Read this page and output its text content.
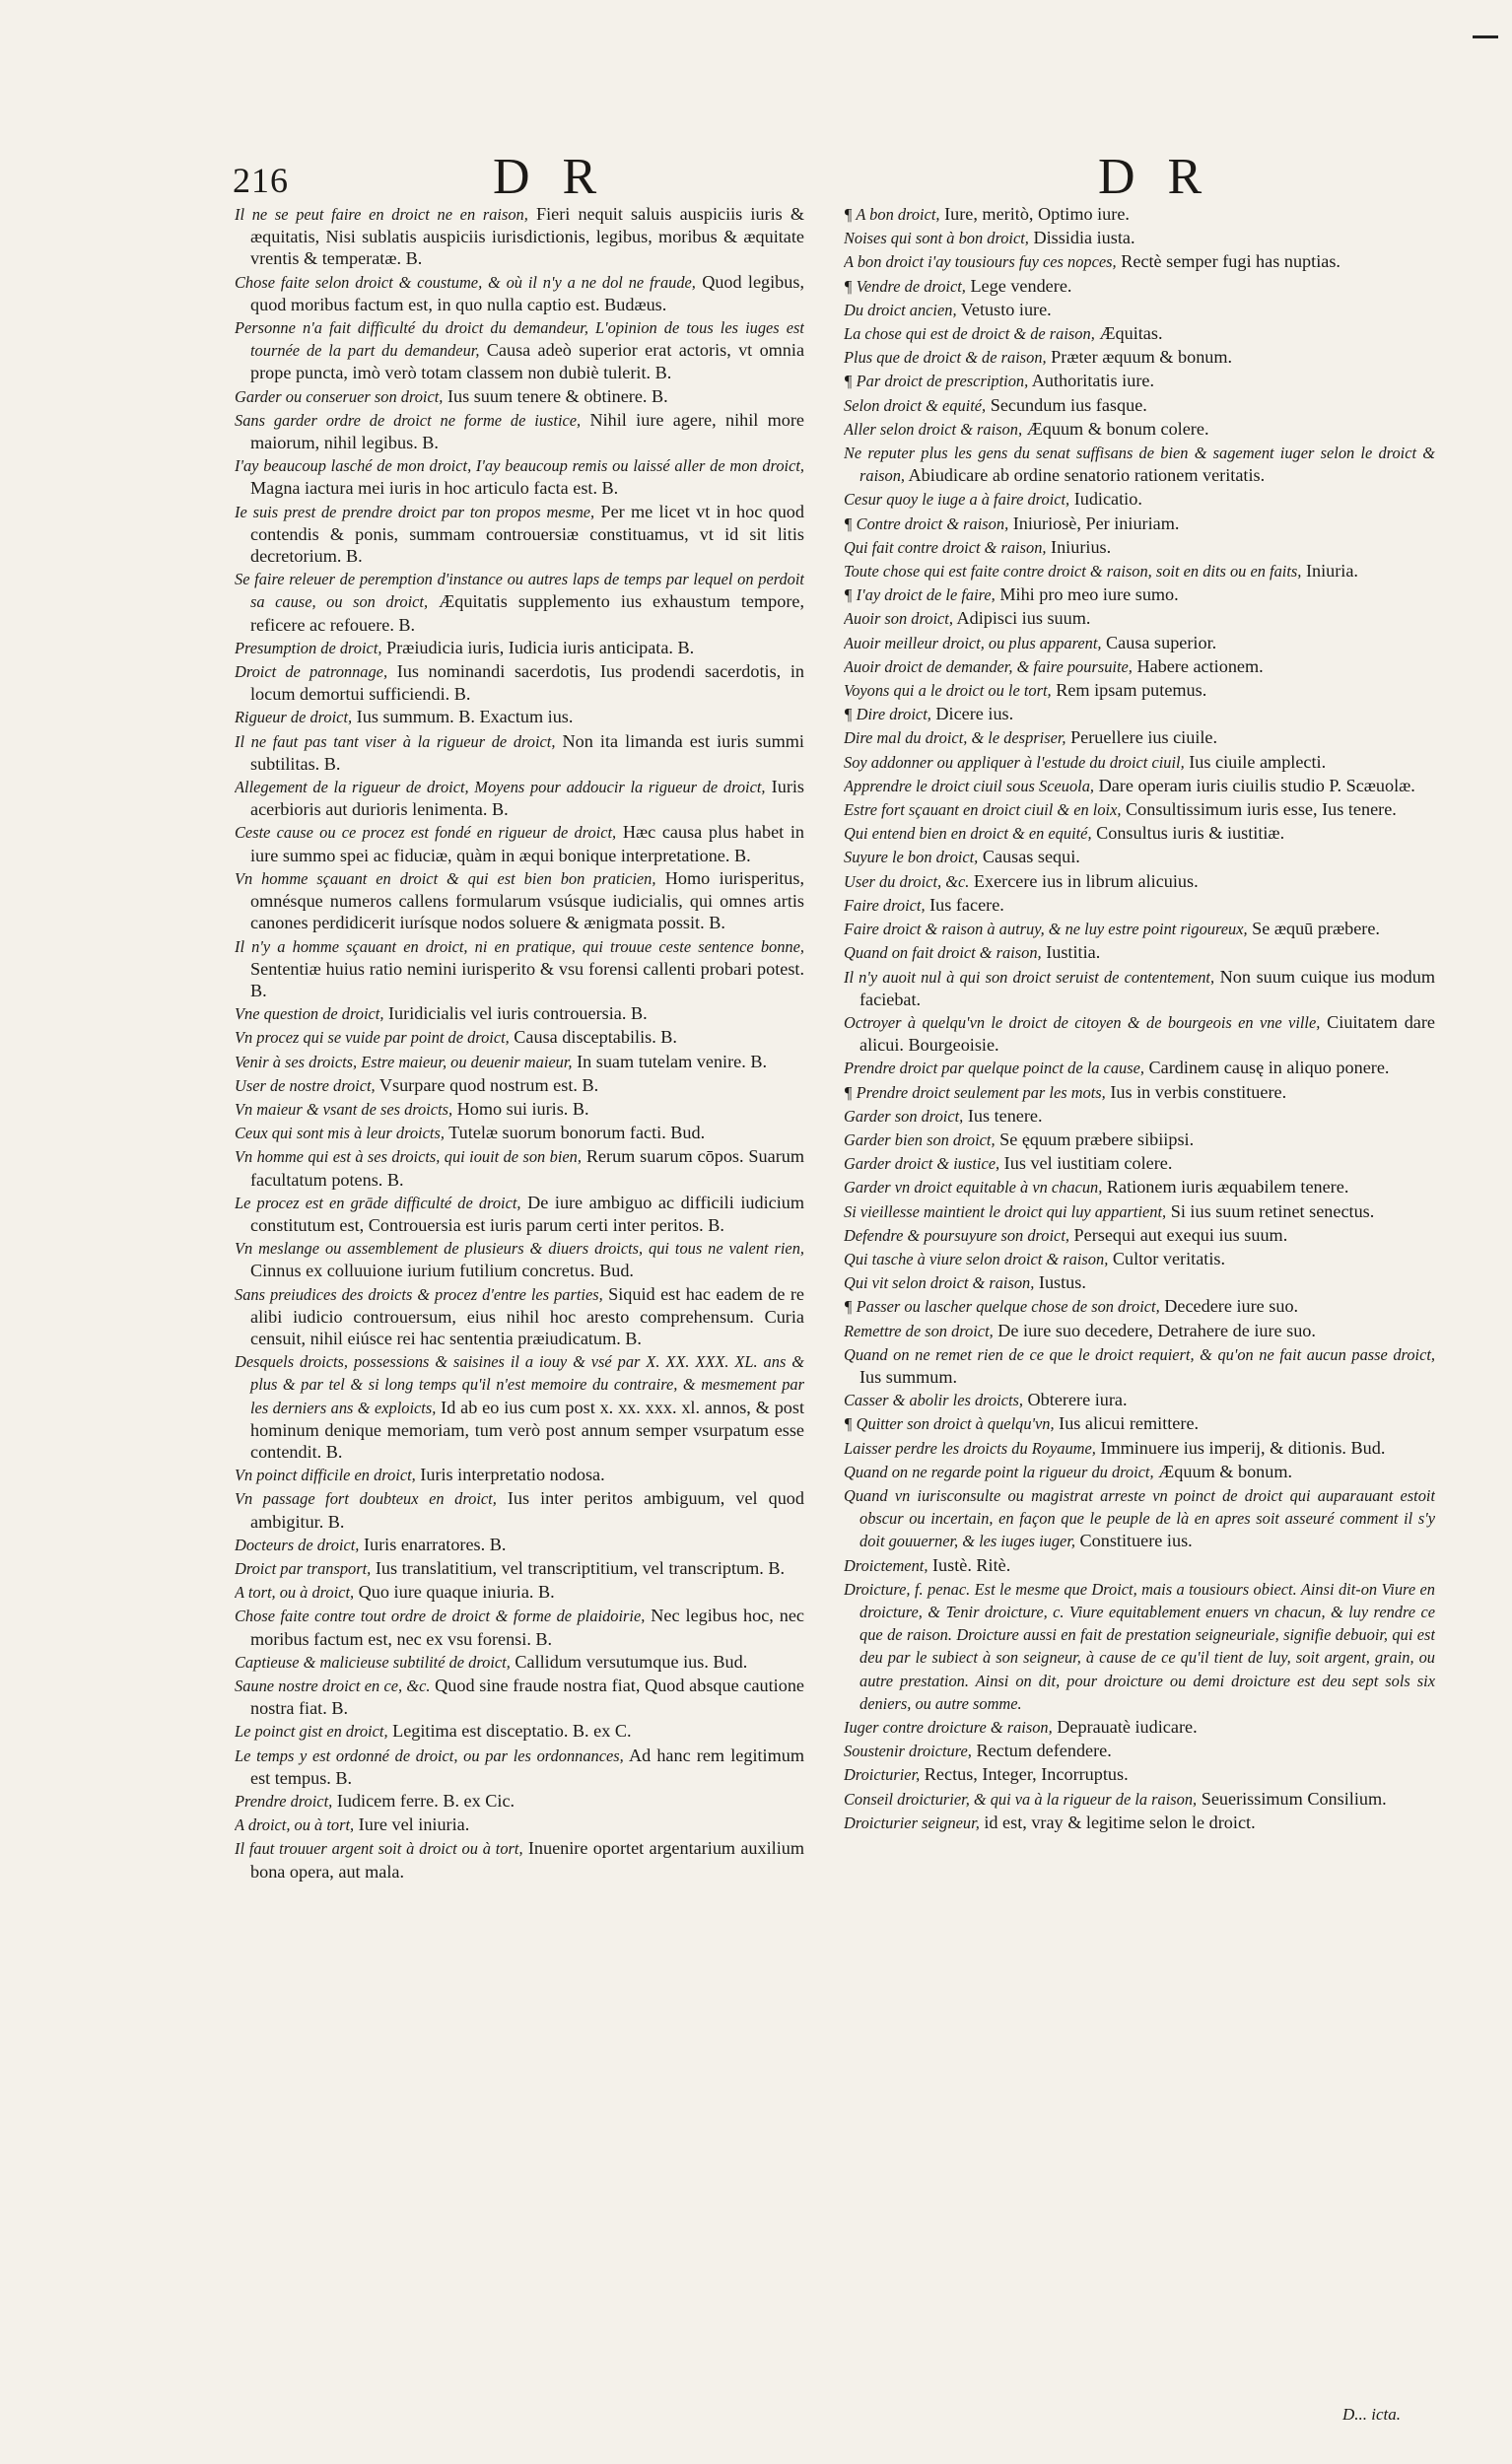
216	D R	D R

Il ne se peut faire en droict ne en raison, Fieri nequit saluis auspiciis iuris & æquitatis, Nisi sublatis auspiciis iurisdictionis, legibus, moribus & æquitate vrentis & temperatæ. B.

Chose faite selon droict & coustume, & où il n'y a ne dol ne fraude, Quod legibus, quod moribus factum est, in quo nulla captio est. Budæus.

Personne n'a fait difficulté du droict du demandeur, L'opinion de tous les iuges est tournée de la part du demandeur, Causa adeò superior erat actoris, vt omnia prope puncta, imò verò totam classem non dubiè tulerit. B.

Garder ou conseruer son droict, Ius suum tenere & obtinere. B.

Sans garder ordre de droict ne forme de iustice, Nihil iure agere, nihil more maiorum, nihil legibus. B.

I'ay beaucoup lasché de mon droict, I'ay beaucoup remis ou laissé aller de mon droict, Magna iactura mei iuris in hoc articulo facta est. B.

Ie suis prest de prendre droict par ton propos mesme, Per me licet vt in hoc quod contendis & ponis, summam controuersiæ constituamus, vt id sit litis decretorium. B.

Se faire releuer de peremption d'instance ou autres laps de temps par lequel on perdoit sa cause, ou son droict, Æquitatis supplemento ius exhaustum tempore, reficere ac refouere. B.

Presumption de droict, Præiudicia iuris, Iudicia iuris anticipata. B.

Droict de patronnage, Ius nominandi sacerdotis, Ius prodendi sacerdotis, in locum demortui sufficiendi. B.

Rigueur de droict, Ius summum. B. Exactum ius.

Il ne faut pas tant viser à la rigueur de droict, Non ita limanda est iuris summi subtilitas. B.

Allegement de la rigueur de droict, Moyens pour addoucir la rigueur de droict, Iuris acerbioris aut durioris lenimenta. B.

Ceste cause ou ce procez est fondé en rigueur de droict, Hæc causa plus habet in iure summo spei ac fiduciæ, quàm in æqui bonique interpretatione. B.

Vn homme sçauant en droict & qui est bien bon praticien, Homo iurisperitus, omnésque numeros callens formularum vsúsque iudicialis, qui omnes artis canones perdidicerit iurísque nodos soluere & ænigmata possit. B.

Il n'y a homme sçauant en droict, ni en pratique, qui trouue ceste sentence bonne, Sententiæ huius ratio nemini iurisperito & vsu forensi callenti probari potest. B.

Vne question de droict, Iuridicialis vel iuris controuersia. B.

Vn procez qui se vuide par point de droict, Causa disceptabilis. B.

Venir à ses droicts, Estre maieur, ou deuenir maieur, In suam tutelam venire. B.

User de nostre droict, Vsurpare quod nostrum est. B.

Vn maieur & vsant de ses droicts, Homo sui iuris. B.

Ceux qui sont mis à leur droicts, Tutelæ suorum bonorum facti. Bud.

Vn homme qui est à ses droicts, qui iouit de son bien, Rerum suarum cōpos. Suarum facultatum potens. B.

Le procez est en grāde difficulté de droict, De iure ambiguo ac difficili iudicium constitutum est, Controuersia est iuris parum certi inter peritos. B.

Vn meslange ou assemblement de plusieurs & diuers droicts, qui tous ne valent rien, Cinnus ex colluuione iurium futilium concretus. Bud.

Sans preiudices des droicts & procez d'entre les parties, Siquid est hac eadem de re alibi iudicio controuersum, eius nihil hoc aresto comprehensum. Curia censuit, nihil eiúsce rei hac sententia præiudicatum. B.

Desquels droicts, possessions & saisines il a iouy & vsé par X. XX. XXX. XL. ans & plus & par tel & si long temps qu'il n'est memoire du contraire, & mesmement par les derniers ans & exploicts, Id ab eo ius cum post x. xx. xxx. xl. annos, & post hominum denique memoriam, tum verò post annum semper vsurpatum esse contendit. B.

Vn poinct difficile en droict, Iuris interpretatio nodosa.

Vn passage fort doubteux en droict, Ius inter peritos ambiguum, vel quod ambigitur. B.

Docteurs de droict, Iuris enarratores. B.

Droict par transport, Ius translatitium, vel transcriptitium, vel transcriptum. B.

A tort, ou à droict, Quo iure quaque iniuria. B.

Chose faite contre tout ordre de droict & forme de plaidoirie, Nec legibus hoc, nec moribus factum est, nec ex vsu forensi. B.

Captieuse & malicieuse subtilité de droict, Callidum versutumque ius. Bud.

Saune nostre droict en ce, &c. Quod sine fraude nostra fiat, Quod absque cautione nostra fiat. B.

Le poinct gist en droict, Legitima est disceptatio. B. ex C.

Le temps y est ordonné de droict, ou par les ordonnances, Ad hanc rem legitimum est tempus. B.

Prendre droict, Iudicem ferre. B. ex Cic.

A droict, ou à tort, Iure vel iniuria.

Il faut trouuer argent soit à droict ou à tort, Inuenire oportet argentarium auxilium bona opera, aut mala.

¶ A bon droict, Iure, meritò, Optimo iure.

Noises qui sont à bon droict, Dissidia iusta.

A bon droict i'ay tousiours fuy ces nopces, Rectè semper fugi has nuptias.

¶ Vendre de droict, Lege vendere.

Du droict ancien, Vetusto iure.

La chose qui est de droict & de raison, Æquitas.

Plus que de droict & de raison, Præter æquum & bonum.

¶ Par droict de prescription, Authoritatis iure.

Selon droict & equité, Secundum ius fasque.

Aller selon droict & raison, Æquum & bonum colere.

Ne reputer plus les gens du senat suffisans de bien & sagement iuger selon le droict & raison, Abiudicare ab ordine senatorio rationem veritatis.

Cesur quoy le iuge a à faire droict, Iudicatio.

¶ Contre droict & raison, Iniuriosè, Per iniuriam.

Qui fait contre droict & raison, Iniurius.

Toute chose qui est faite contre droict & raison, soit en dits ou en faits, Iniuria.

¶ I'ay droict de le faire, Mihi pro meo iure sumo.

Auoir son droict, Adipisci ius suum.

Auoir meilleur droict, ou plus apparent, Causa superior.

Auoir droict de demander, & faire poursuite, Habere actionem.

Voyons qui a le droict ou le tort, Rem ipsam putemus.

¶ Dire droict, Dicere ius.

Dire mal du droict, & le despriser, Peruellere ius ciuile.

Soy addonner ou appliquer à l'estude du droict ciuil, Ius ciuile amplecti.

Apprendre le droict ciuil sous Sceuola, Dare operam iuris ciuilis studio P. Scæuolæ.

Estre fort sçauant en droict ciuil & en loix, Consultissimum iuris esse, Ius tenere.

Qui entend bien en droict & en equité, Consultus iuris & iustitiæ.

Suyure le bon droict, Causas sequi.

User du droict, &c. Exercere ius in librum alicuius.

Faire droict, Ius facere.

Faire droict & raison à autruy, & ne luy estre point rigoureux, Se æquū præbere.

Quand on fait droict & raison, Iustitia.

Il n'y auoit nul à qui son droict seruist de contentement, Non suum cuique ius modum faciebat.

Octroyer à quelqu'vn le droict de citoyen & de bourgeois en vne ville, Ciuitatem dare alicui. Bourgeoisie.

Prendre droict par quelque poinct de la cause, Cardinem causę in aliquo ponere.

¶ Prendre droict seulement par les mots, Ius in verbis constituere.

Garder son droict, Ius tenere.

Garder bien son droict, Se ęquum præbere sibiipsi.

Garder droict & iustice, Ius vel iustitiam colere.

Garder vn droict equitable à vn chacun, Rationem iuris æquabilem tenere.

Si vieillesse maintient le droict qui luy appartient, Si ius suum retinet senectus.

Defendre & poursuyure son droict, Persequi aut exequi ius suum.

Qui tasche à viure selon droict & raison, Cultor veritatis.

Qui vit selon droict & raison, Iustus.

¶ Passer ou lascher quelque chose de son droict, Decedere iure suo.

Remettre de son droict, De iure suo decedere, Detrahere de iure suo.

Quand on ne remet rien de ce que le droict requiert, & qu'on ne fait aucun passe droict, Ius summum.

Casser & abolir les droicts, Obterere iura.

¶ Quitter son droict à quelqu'vn, Ius alicui remittere.

Laisser perdre les droicts du Royaume, Imminuere ius imperij, & ditionis. Bud.

Quand on ne regarde point la rigueur du droict, Æquum & bonum.

Quand vn iurisconsulte ou magistrat arreste vn poinct de droict qui auparauant estoit obscur ou incertain, en façon que le peuple de là en apres soit asseuré comment il s'y doit gouuerner, & les iuges iuger, Constituere ius.

Droictement, Iustè. Ritè.

Droicture, f. penac. Est le mesme que Droict, mais a tousiours obiect. Ainsi dit-on Viure en droicture, & Tenir droicture, c. Viure equitablement enuers vn chacun, & luy rendre ce que de raison. Droicture aussi en fait de prestation seigneuriale, signifie debuoir, qui est deu par le subiect à son seigneur, à cause de ce qu'il tient de luy, soit argent, grain, ou autre prestation. Ainsi on dit, pour droicture ou demi droicture est deu sept sols six deniers, ou autre somme.

Iuger contre droicture & raison, Deprauatè iudicare.

Soustenir droicture, Rectum defendere.

Droicturier, Rectus, Integer, Incorruptus.

Conseil droicturier, & qui va à la rigueur de la raison, Seuerissimum Consilium.

Droicturier seigneur, id est, vray & legitime selon le droict.

D... icta.
